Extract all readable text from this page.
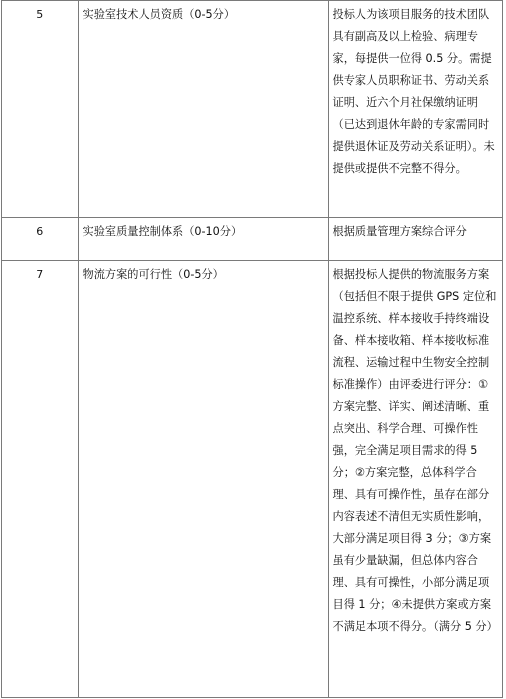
5	实验室技术人员资质（0-5分）	投标人为该项目服务的技术团队具有副高及以上检验、病理专家，每提供一位得 0.5 分。需提供专家人员职称证书、劳动关系证明、近六个月社保缴纳证明（已达到退休年龄的专家需同时提供退休证及劳动关系证明）。未提供或提供不完整不得分。
6	实验室质量控制体系（0-10分）	根据质量管理方案综合评分
7	物流方案的可行性（0-5分）	根据投标人提供的物流服务方案（包括但不限于提供 GPS 定位和温控系统、样本接收手持终端设备、样本接收箱、样本接收标准流程、运输过程中生物安全控制标准操作）由评委进行评分：①方案完整、详实、阐述清晰、重点突出、科学合理、可操作性强，完全满足项目需求的得 5 分；②方案完整，总体科学合理、具有可操作性，虽存在部分内容表述不清但无实质性影响，大部分满足项目得 3 分；③方案虽有少量缺漏，但总体内容合理、具有可操性，小部分满足项目得 1 分；④未提供方案或方案不满足本项不得分。（满分 5 分）
